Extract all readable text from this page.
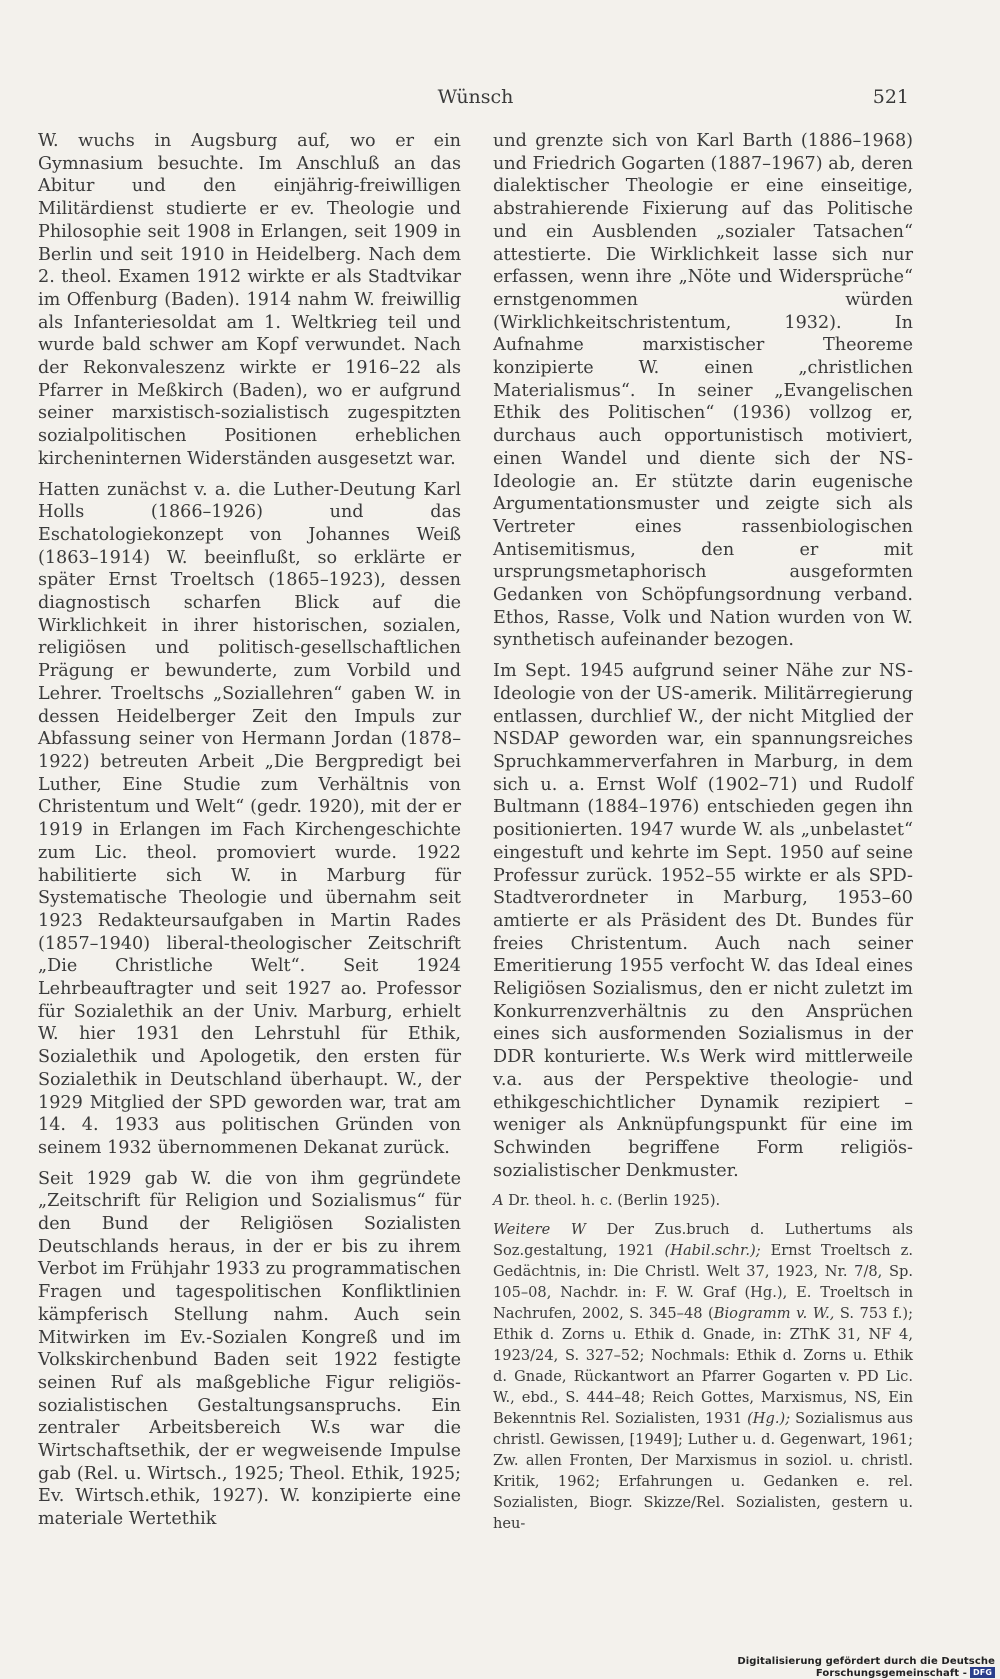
Wünsch	521

W. wuchs in Augsburg auf, wo er ein Gymnasium besuchte. Im Anschluß an das Abitur und den einjährig-freiwilligen Militärdienst studierte er ev. Theologie und Philosophie seit 1908 in Erlangen, seit 1909 in Berlin und seit 1910 in Heidelberg. Nach dem 2. theol. Examen 1912 wirkte er als Stadtvikar im Offenburg (Baden). 1914 nahm W. freiwillig als Infanteriesoldat am 1. Weltkrieg teil und wurde bald schwer am Kopf verwundet. Nach der Rekonvaleszenz wirkte er 1916–22 als Pfarrer in Meßkirch (Baden), wo er aufgrund seiner marxistisch-sozialistisch zugespitzten sozialpolitischen Positionen erheblichen kircheninternen Widerständen ausgesetzt war.

Hatten zunächst v. a. die Luther-Deutung Karl Holls (1866–1926) und das Eschatologiekonzept von Johannes Weiß (1863–1914) W. beeinflußt, so erklärte er später Ernst Troeltsch (1865–1923), dessen diagnostisch scharfen Blick auf die Wirklichkeit in ihrer historischen, sozialen, religiösen und politisch-gesellschaftlichen Prägung er bewunderte, zum Vorbild und Lehrer. Troeltschs „Soziallehren“ gaben W. in dessen Heidelberger Zeit den Impuls zur Abfassung seiner von Hermann Jordan (1878–1922) betreuten Arbeit „Die Bergpredigt bei Luther, Eine Studie zum Verhältnis von Christentum und Welt“ (gedr. 1920), mit der er 1919 in Erlangen im Fach Kirchengeschichte zum Lic. theol. promoviert wurde. 1922 habilitierte sich W. in Marburg für Systematische Theologie und übernahm seit 1923 Redakteursaufgaben in Martin Rades (1857–1940) liberal-theologischer Zeitschrift „Die Christliche Welt“. Seit 1924 Lehrbeauftragter und seit 1927 ao. Professor für Sozialethik an der Univ. Marburg, erhielt W. hier 1931 den Lehrstuhl für Ethik, Sozialethik und Apologetik, den ersten für Sozialethik in Deutschland überhaupt. W., der 1929 Mitglied der SPD geworden war, trat am 14. 4. 1933 aus politischen Gründen von seinem 1932 übernommenen Dekanat zurück.

Seit 1929 gab W. die von ihm gegründete „Zeitschrift für Religion und Sozialismus“ für den Bund der Religiösen Sozialisten Deutschlands heraus, in der er bis zu ihrem Verbot im Frühjahr 1933 zu programmatischen Fragen und tagespolitischen Konfliktlinien kämpferisch Stellung nahm. Auch sein Mitwirken im Ev.-Sozialen Kongreß und im Volkskirchenbund Baden seit 1922 festigte seinen Ruf als maßgebliche Figur religiös-sozialistischen Gestaltungsanspruchs. Ein zentraler Arbeitsbereich W.s war die Wirtschaftsethik, der er wegweisende Impulse gab (Rel. u. Wirtsch., 1925; Theol. Ethik, 1925; Ev. Wirtsch.ethik, 1927). W. konzipierte eine materiale Wertethik

und grenzte sich von Karl Barth (1886–1968) und Friedrich Gogarten (1887–1967) ab, deren dialektischer Theologie er eine einseitige, abstrahierende Fixierung auf das Politische und ein Ausblenden „sozialer Tatsachen“ attestierte. Die Wirklichkeit lasse sich nur erfassen, wenn ihre „Nöte und Widersprüche“ ernstgenommen würden (Wirklichkeitschristentum, 1932). In Aufnahme marxistischer Theoreme konzipierte W. einen „christlichen Materialismus“. In seiner „Evangelischen Ethik des Politischen“ (1936) vollzog er, durchaus auch opportunistisch motiviert, einen Wandel und diente sich der NS-Ideologie an. Er stützte darin eugenische Argumentationsmuster und zeigte sich als Vertreter eines rassenbiologischen Antisemitismus, den er mit ursprungsmetaphorisch ausgeformten Gedanken von Schöpfungsordnung verband. Ethos, Rasse, Volk und Nation wurden von W. synthetisch aufeinander bezogen.

Im Sept. 1945 aufgrund seiner Nähe zur NS-Ideologie von der US-amerik. Militärregierung entlassen, durchlief W., der nicht Mitglied der NSDAP geworden war, ein spannungsreiches Spruchkammerverfahren in Marburg, in dem sich u. a. Ernst Wolf (1902–71) und Rudolf Bultmann (1884–1976) entschieden gegen ihn positionierten. 1947 wurde W. als „unbelastet“ eingestuft und kehrte im Sept. 1950 auf seine Professur zurück. 1952–55 wirkte er als SPD-Stadtverordneter in Marburg, 1953–60 amtierte er als Präsident des Dt. Bundes für freies Christentum. Auch nach seiner Emeritierung 1955 verfocht W. das Ideal eines Religiösen Sozialismus, den er nicht zuletzt im Konkurrenzverhältnis zu den Ansprüchen eines sich ausformenden Sozialismus in der DDR konturierte. W.s Werk wird mittlerweile v.a. aus der Perspektive theologie- und ethikgeschichtlicher Dynamik rezipiert – weniger als Anknüpfungspunkt für eine im Schwinden begriffene Form religiös-sozialistischer Denkmuster.

A Dr. theol. h. c. (Berlin 1925).

Weitere W Der Zus.bruch d. Luthertums als Soz.gestaltung, 1921 (Habil.schr.); Ernst Troeltsch z. Gedächtnis, in: Die Christl. Welt 37, 1923, Nr. 7/8, Sp. 105–08, Nachdr. in: F. W. Graf (Hg.), E. Troeltsch in Nachrufen, 2002, S. 345–48 (Biogramm v. W., S. 753 f.); Ethik d. Zorns u. Ethik d. Gnade, in: ZThK 31, NF 4, 1923/24, S. 327–52; Nochmals: Ethik d. Zorns u. Ethik d. Gnade, Rückantwort an Pfarrer Gogarten v. PD Lic. W., ebd., S. 444–48; Reich Gottes, Marxismus, NS, Ein Bekenntnis Rel. Sozialisten, 1931 (Hg.); Sozialismus aus christl. Gewissen, [1949]; Luther u. d. Gegenwart, 1961; Zw. allen Fronten, Der Marxismus in soziol. u. christl. Kritik, 1962; Erfahrungen u. Gedanken e. rel. Sozialisten, Biogr. Skizze/Rel. Sozialisten, gestern u. heu-

Digitalisierung gefördert durch die Deutsche Forschungsgemeinschaft - DFG
